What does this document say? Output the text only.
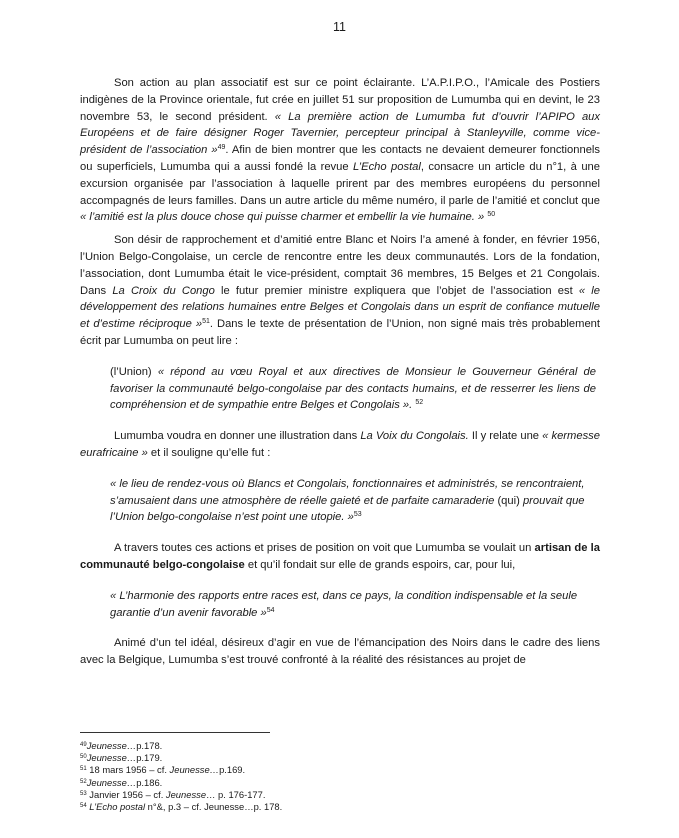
11

Son action au plan associatif est sur ce point éclairante. L’A.P.I.P.O., l’Amicale des Postiers indigènes de la Province orientale, fut crée en juillet 51 sur proposition de Lumumba qui en devint, le 23 novembre 53, le second président. « La première action de Lumumba fut d’ouvrir l’APIPO aux Européens et de faire désigner Roger Tavernier, percepteur principal à Stanleyville, comme vice-président de l’association »$^{49}$. Afin de bien montrer que les contacts ne devaient demeurer fonctionnels ou superficiels, Lumumba qui a aussi fondé la revue L’Echo postal, consacre un article du n°1, à une excursion organisée par l’association à laquelle prirent par des membres européens du personnel accompagnés de leurs familles. Dans un autre article du même numéro, il parle de l’amitié et conclut que « l’amitié est la plus douce chose qui puisse charmer et embellir la vie humaine. » $^{50}$

Son désir de rapprochement et d’amitié entre Blanc et Noirs l’a amené à fonder, en février 1956, l’Union Belgo-Congolaise, un cercle de rencontre entre les deux communautés. Lors de la fondation, l’association, dont Lumumba était le vice-président, comptait 36 membres, 15 Belges et 21 Congolais. Dans La Croix du Congo le futur premier ministre expliquera que l’objet de l’association est « le développement des relations humaines entre Belges et Congolais dans un esprit de confiance mutuelle et d’estime réciproque »$^{51}$. Dans le texte de présentation de l’Union, non signé mais très probablement écrit par Lumumba on peut lire :

(l’Union) « répond au vœu Royal et aux directives de Monsieur le Gouverneur Général de favoriser la communauté belgo-congolaise par des contacts humains, et de resserrer les liens de compréhension et de sympathie entre Belges et Congolais ». $^{52}$

Lumumba voudra en donner une illustration dans La Voix du Congolais. Il y relate une « kermesse eurafricaine » et il souligne qu’elle fut :

« le lieu de rendez-vous où Blancs et Congolais, fonctionnaires et administrés, se rencontraient, s’amusaient dans une atmosphère de réelle gaieté et de parfaite camaraderie (qui) prouvait que l’Union belgo-congolaise n’est point une utopie. »$^{53}$

A travers toutes ces actions et prises de position on voit que Lumumba se voulait un artisan de la communauté belgo-congolaise et qu’il fondait sur elle de grands espoirs, car, pour lui,

« L’harmonie des rapports entre races est, dans ce pays, la condition indispensable et la seule garantie d’un avenir favorable »$^{54}$

Animé d’un tel idéal, désireux d’agir en vue de l’émancipation des Noirs dans le cadre des liens avec la Belgique, Lumumba s’est trouvé confronté à la réalité des résistances au projet de

$^{49}$Jeunesse…p.178.
$^{50}$Jeunesse…p.179.
$^{51}$ 18 mars 1956 – cf. Jeunesse…p.169.
$^{52}$Jeunesse…p.186.
$^{53}$ Janvier 1956 – cf. Jeunesse… p. 176-177.
$^{54}$ L’Echo postal n°&, p.3 – cf. Jeunesse…p. 178.
